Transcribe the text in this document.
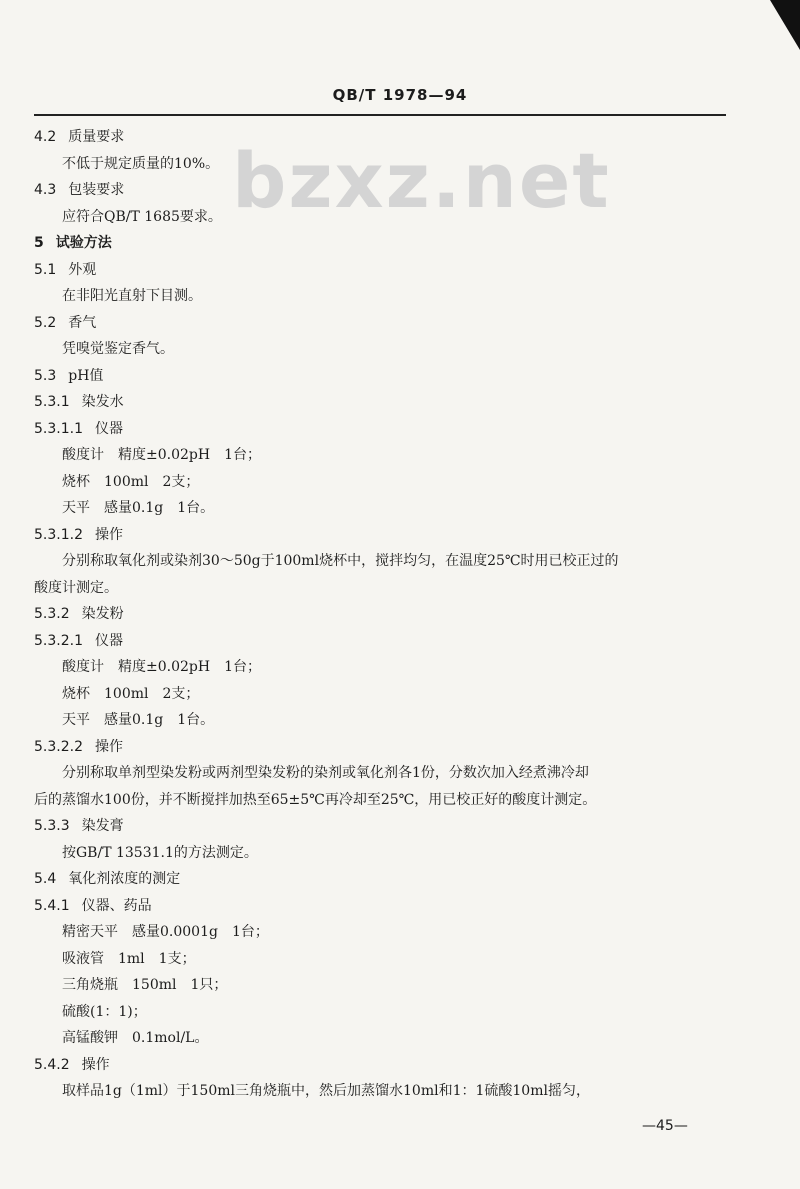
QB/T 1978—94
bzxz.net
4.2 质量要求
不低于规定质量的10%。
4.3 包装要求
应符合QB/T 1685要求。
5 试验方法
5.1 外观
在非阳光直射下目测。
5.2 香气
凭嗅觉鉴定香气。
5.3 pH值
5.3.1 染发水
5.3.1.1 仪器
酸度计　精度±0.02pH　1台；
烧杯　100ml　2支；
天平　感量0.1g　1台。
5.3.1.2 操作
分别称取氧化剂或染剂30～50g于100ml烧杯中，搅拌均匀，在温度25℃时用已校正过的
酸度计测定。
5.3.2 染发粉
5.3.2.1 仪器
酸度计　精度±0.02pH　1台；
烧杯　100ml　2支；
天平　感量0.1g　1台。
5.3.2.2 操作
分别称取单剂型染发粉或两剂型染发粉的染剂或氧化剂各1份，分数次加入经煮沸冷却
后的蒸馏水100份，并不断搅拌加热至65±5℃再冷却至25℃，用已校正好的酸度计测定。
5.3.3 染发膏
按GB/T 13531.1的方法测定。
5.4 氧化剂浓度的测定
5.4.1 仪器、药品
精密天平　感量0.0001g　1台；
吸液管　1ml　1支；
三角烧瓶　150ml　1只；
硫酸(1：1)；
高锰酸钾　0.1mol/L。
5.4.2 操作
取样品1g（1ml）于150ml三角烧瓶中，然后加蒸馏水10ml和1：1硫酸10ml摇匀，
—45—
